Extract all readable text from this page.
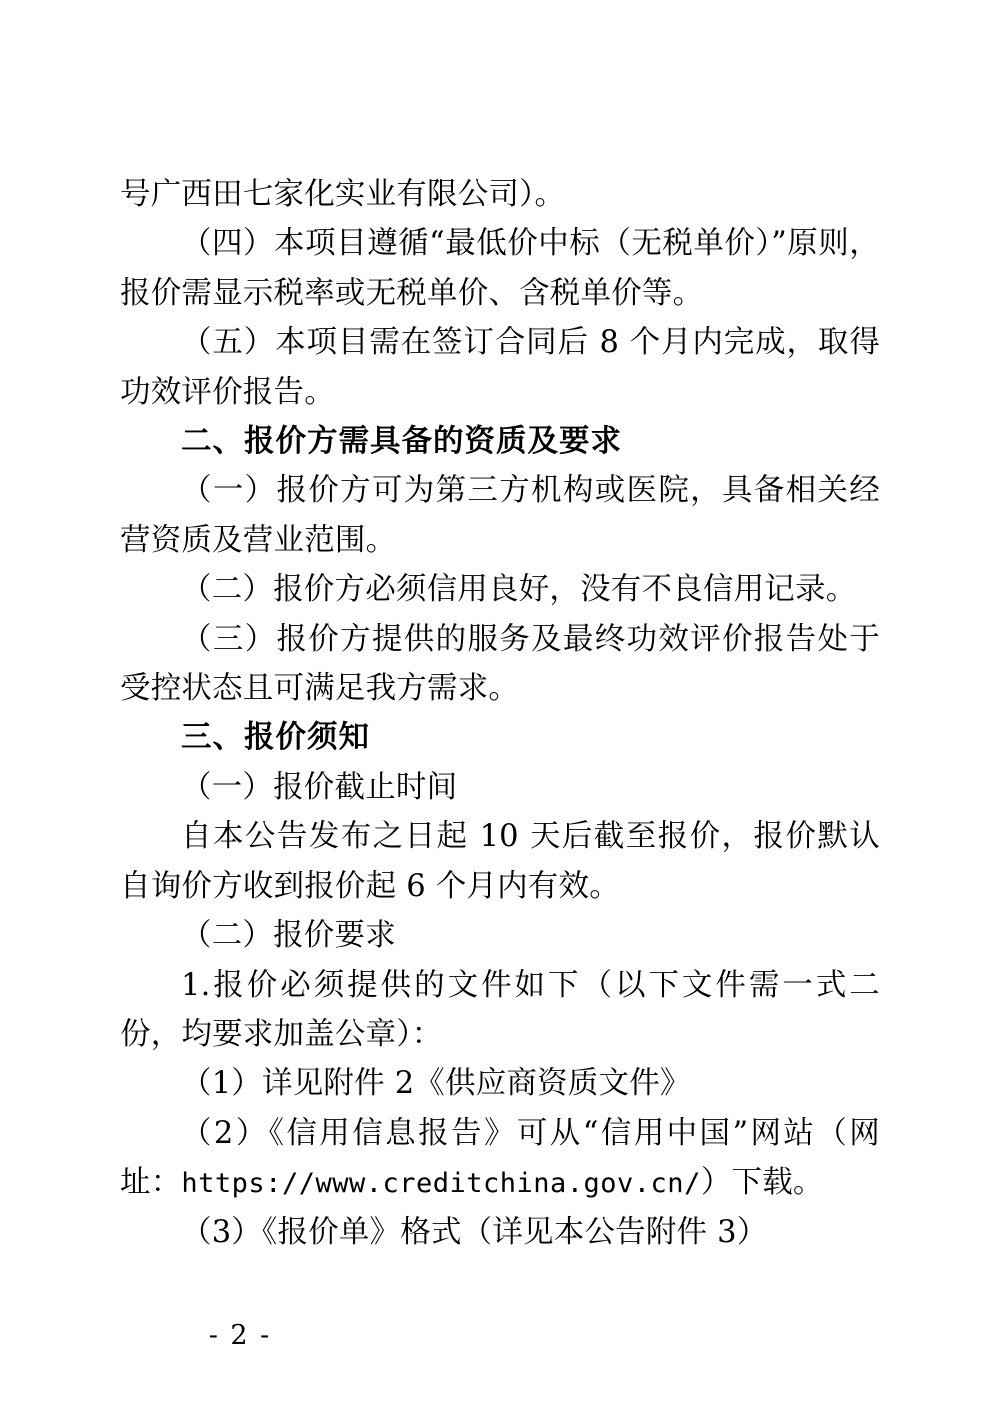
号广西田七家化实业有限公司）。

（四）本项目遵循“最低价中标（无税单价）”原则，报价需显示税率或无税单价、含税单价等。

（五）本项目需在签订合同后 8 个月内完成，取得功效评价报告。

二、报价方需具备的资质及要求

（一）报价方可为第三方机构或医院，具备相关经营资质及营业范围。

（二）报价方必须信用良好，没有不良信用记录。

（三）报价方提供的服务及最终功效评价报告处于受控状态且可满足我方需求。

三、报价须知

（一）报价截止时间

自本公告发布之日起 10 天后截至报价，报价默认自询价方收到报价起 6 个月内有效。

（二）报价要求

1.报价必须提供的文件如下（以下文件需一式二份，均要求加盖公章）：

（1）详见附件 2《供应商资质文件》

（2）《信用信息报告》可从“信用中国”网站（网址：https://www.creditchina.gov.cn/）下载。

（3）《报价单》格式（详见本公告附件 3）

- 2 -
